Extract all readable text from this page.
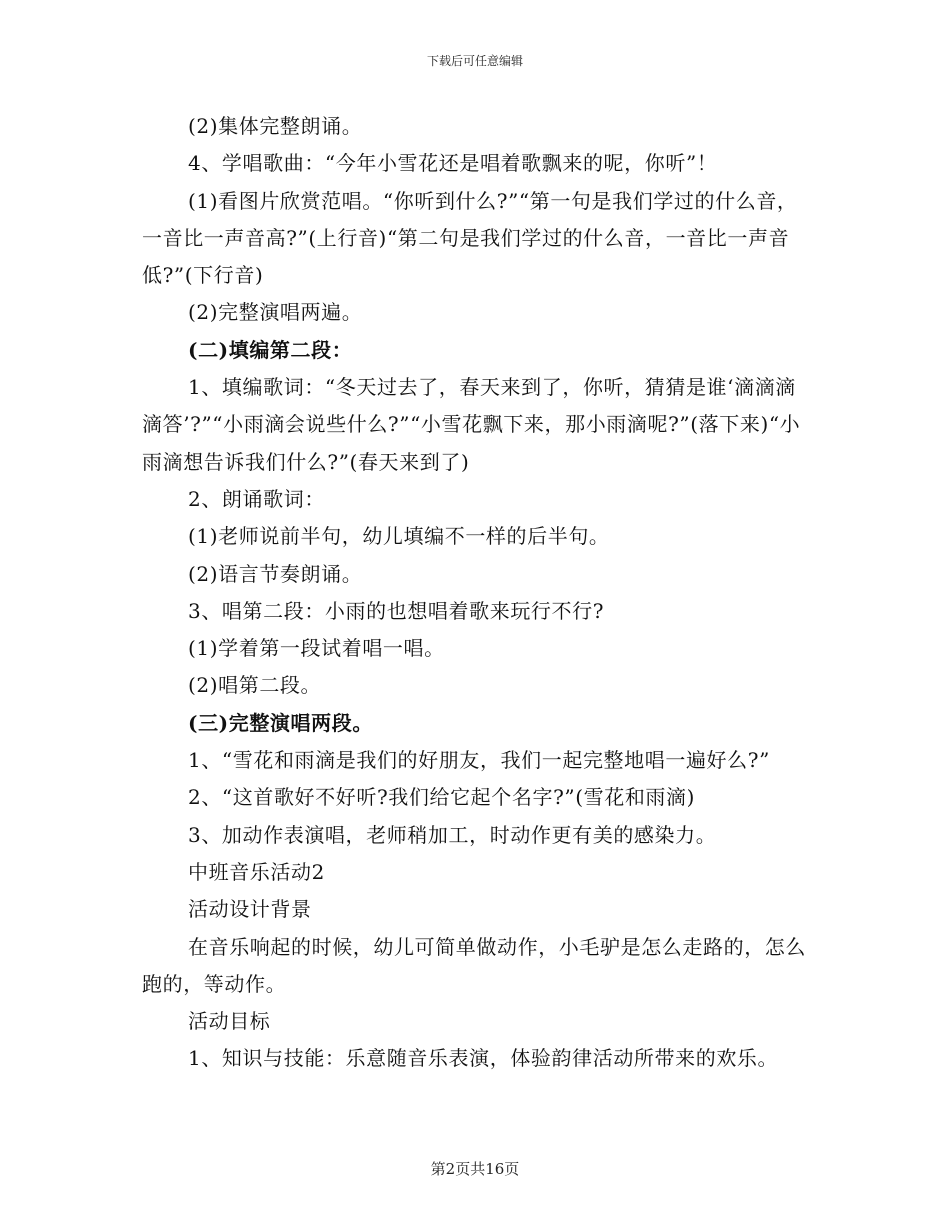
下载后可任意编辑

(2)集体完整朗诵。

4、学唱歌曲：“今年小雪花还是唱着歌飘来的呢，你听”！

(1)看图片欣赏范唱。“你听到什么?”“第一句是我们学过的什么音，一音比一声音高?”(上行音)“第二句是我们学过的什么音，一音比一声音低?”(下行音)

(2)完整演唱两遍。

(二)填编第二段：

1、填编歌词：“冬天过去了，春天来到了，你听，猜猜是谁‘滴滴滴滴答’?”“小雨滴会说些什么?”“小雪花飘下来，那小雨滴呢?”(落下来)“小雨滴想告诉我们什么?”(春天来到了)

2、朗诵歌词：

(1)老师说前半句，幼儿填编不一样的后半句。

(2)语言节奏朗诵。

3、唱第二段：小雨的也想唱着歌来玩行不行?

(1)学着第一段试着唱一唱。

(2)唱第二段。

(三)完整演唱两段。

1、“雪花和雨滴是我们的好朋友，我们一起完整地唱一遍好么?”

2、“这首歌好不好听?我们给它起个名字?”(雪花和雨滴)

3、加动作表演唱，老师稍加工，时动作更有美的感染力。

中班音乐活动2

活动设计背景

在音乐响起的时候，幼儿可简单做动作，小毛驴是怎么走路的，怎么跑的，等动作。

活动目标

1、知识与技能：乐意随音乐表演，体验韵律活动所带来的欢乐。

第2页共16页
